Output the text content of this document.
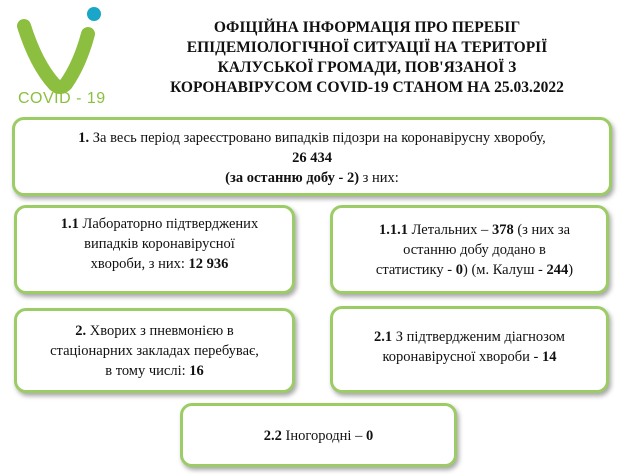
COVID - 19
ОФІЦІЙНА ІНФОРМАЦІЯ ПРО ПЕРЕБІГ
ЕПІДЕМІОЛОГІЧНОЇ СИТУАЦІЇ НА ТЕРИТОРІЇ
КАЛУСЬКОЇ ГРОМАДИ, ПОВ'ЯЗАНОЇ З
КОРОНАВІРУСОМ COVID-19 СТАНОМ НА 25.03.2022
1. За весь період зареєстровано випадків підозри на коронавірусну хворобу,
26 434
(за останню добу - 2) з них:
1.1 Лабораторно підтверджених
випадків коронавірусної
хвороби, з них: 12 936
1.1.1 Летальних – 378 (з них за
останню добу додано в
статистику - 0) (м. Калуш - 244)
2. Хворих з пневмонією в
стаціонарних закладах перебуває,
в тому числі: 16
2.1 З підтвердженим діагнозом
коронавірусної хвороби - 14
2.2 Іногородні – 0
